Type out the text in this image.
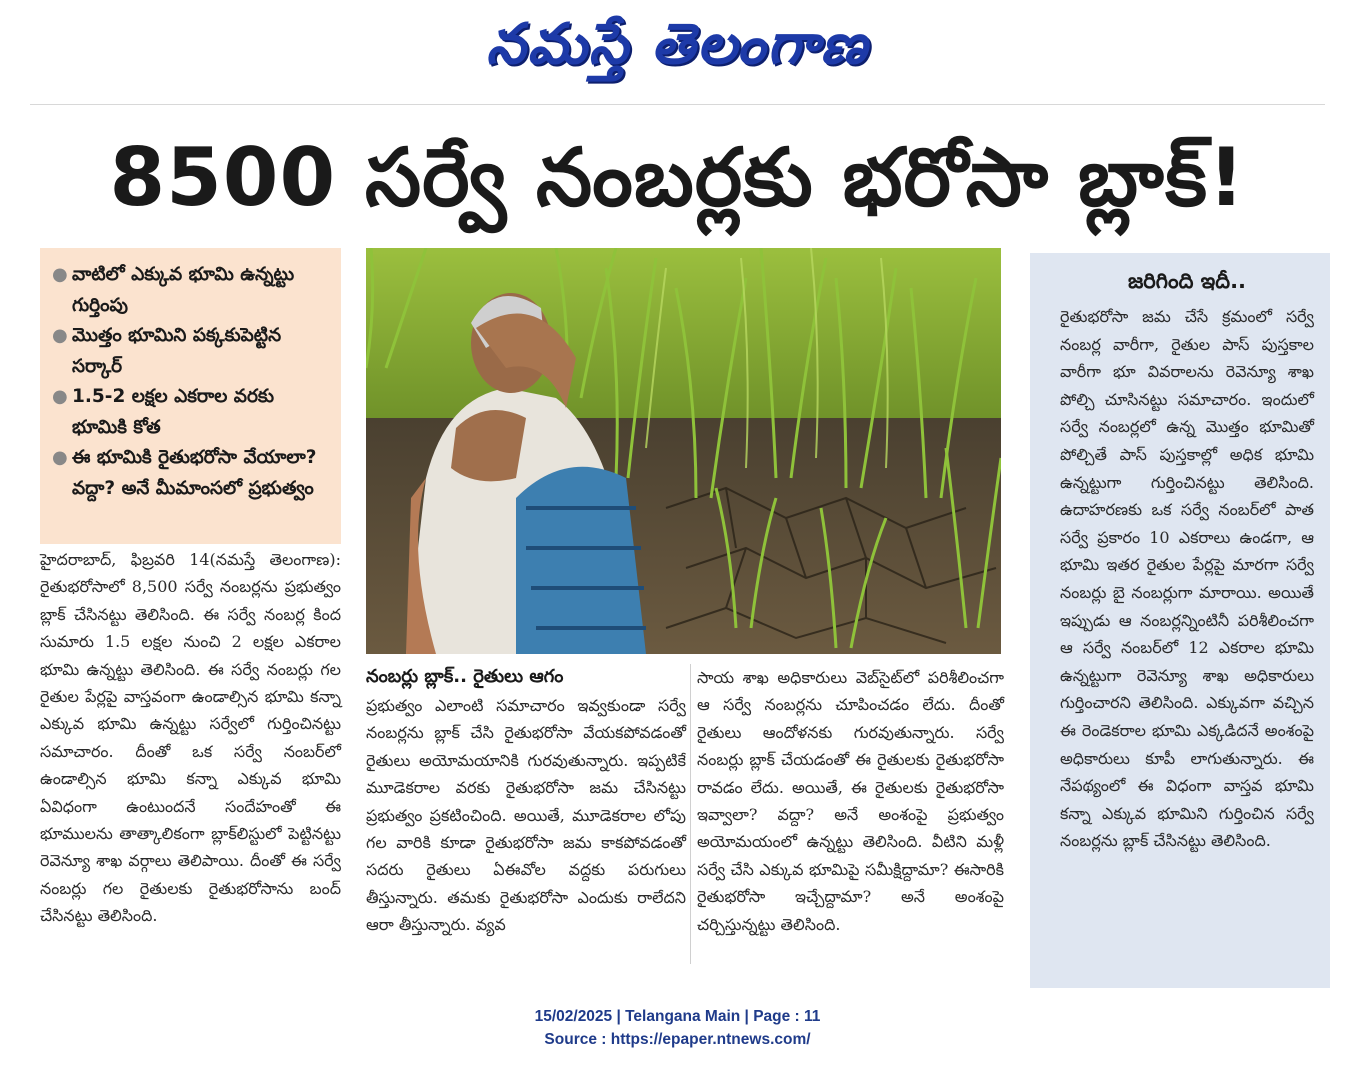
నమస్తే తెలంగాణ
8500 సర్వే నంబర్లకు భరోసా బ్లాక్!
● వాటిలో ఎక్కువ భూమి ఉన్నట్టు గుర్తింపు
● మొత్తం భూమిని పక్కకుపెట్టిన సర్కార్
● 1.5-2 లక్షల ఎకరాల వరకు భూమికి కోత
● ఈ భూమికి రైతుభరోసా వేయాలా? వద్దా? అనే మీమాంసలో ప్రభుత్వం
హైదరాబాద్, ఫిబ్రవరి 14(నమస్తే తెలంగాణ): రైతుభరోసాలో 8,500 సర్వే నంబర్లను ప్రభుత్వం బ్లాక్ చేసినట్టు తెలిసింది. ఈ సర్వే నంబర్ల కింద సుమారు 1.5 లక్షల నుంచి 2 లక్షల ఎకరాల భూమి ఉన్నట్టు తెలిసింది. ఈ సర్వే నంబర్లు గల రైతుల పేర్లపై వాస్తవంగా ఉండాల్సిన భూమి కన్నా ఎక్కువ భూమి ఉన్నట్టు సర్వేలో గుర్తించినట్టు సమాచారం. దీంతో ఒక సర్వే నంబర్‌లో ఉండాల్సిన భూమి కన్నా ఎక్కువ భూమి ఏవిధంగా ఉంటుందనే సందేహంతో ఈ భూములను తాత్కాలికంగా బ్లాక్‌లిస్టులో పెట్టినట్టు రెవెన్యూ శాఖ వర్గాలు తెలిపాయి. దీంతో ఈ సర్వే నంబర్లు గల రైతులకు రైతుభరోసాను బంద్ చేసినట్టు తెలిసింది.
నంబర్లు బ్లాక్.. రైతులు ఆగం
ప్రభుత్వం ఎలాంటి సమాచారం ఇవ్వకుండా సర్వే నంబర్లను బ్లాక్ చేసి రైతుభరోసా వేయకపోవడంతో రైతులు అయోమయానికి గురవుతున్నారు. ఇప్పటికే మూడెకరాల వరకు రైతుభరోసా జమ చేసినట్టు ప్రభుత్వం ప్రకటించింది. అయితే, మూడెకరాల లోపు గల వారికి కూడా రైతుభరోసా జమ కాకపోవడంతో సదరు రైతులు ఏఈవోల వద్దకు పరుగులు తీస్తున్నారు. తమకు రైతుభరోసా ఎందుకు రాలేదని ఆరా తీస్తున్నారు. వ్యవ
సాయ శాఖ అధికారులు వెబ్‌సైట్‌లో పరిశీలించగా ఆ సర్వే నంబర్లను చూపించడం లేదు. దీంతో రైతులు ఆందోళనకు గురవుతున్నారు. సర్వే నంబర్లు బ్లాక్ చేయడంతో ఈ రైతులకు రైతుభరోసా రావడం లేదు. అయితే, ఈ రైతులకు రైతుభరోసా ఇవ్వాలా? వద్దా? అనే అంశంపై ప్రభుత్వం అయోమయంలో ఉన్నట్టు తెలిసింది. వీటిని మళ్లీ సర్వే చేసి ఎక్కువ భూమిపై సమీక్షిద్దామా? ఈసారికి రైతుభరోసా ఇచ్చేద్దామా? అనే అంశంపై చర్చిస్తున్నట్టు తెలిసింది.
జరిగింది ఇదీ..
రైతుభరోసా జమ చేసే క్రమంలో సర్వే నంబర్ల వారీగా, రైతుల పాస్ పుస్తకాల వారీగా భూ వివరాలను రెవెన్యూ శాఖ పోల్చి చూసినట్టు సమాచారం. ఇందులో సర్వే నంబర్లలో ఉన్న మొత్తం భూమితో పోల్చితే పాస్ పుస్తకాల్లో అధిక భూమి ఉన్నట్టుగా గుర్తించినట్టు తెలిసింది. ఉదాహరణకు ఒక సర్వే నంబర్‌లో పాత సర్వే ప్రకారం 10 ఎకరాలు ఉండగా, ఆ భూమి ఇతర రైతుల పేర్లపై మారగా సర్వే నంబర్లు బై నంబర్లుగా మారాయి. అయితే ఇప్పుడు ఆ నంబర్లన్నింటినీ పరిశీలించగా ఆ సర్వే నంబర్‌లో 12 ఎకరాల భూమి ఉన్నట్టుగా రెవెన్యూ శాఖ అధికారులు గుర్తించారని తెలిసింది. ఎక్కువగా వచ్చిన ఈ రెండెకరాల భూమి ఎక్కడిదనే అంశంపై అధికారులు కూపీ లాగుతున్నారు. ఈ నేపథ్యంలో ఈ విధంగా వాస్తవ భూమి కన్నా ఎక్కువ భూమిని గుర్తించిన సర్వే నంబర్లను బ్లాక్ చేసినట్టు తెలిసింది.
15/02/2025 | Telangana Main | Page : 11
Source : https://epaper.ntnews.com/
